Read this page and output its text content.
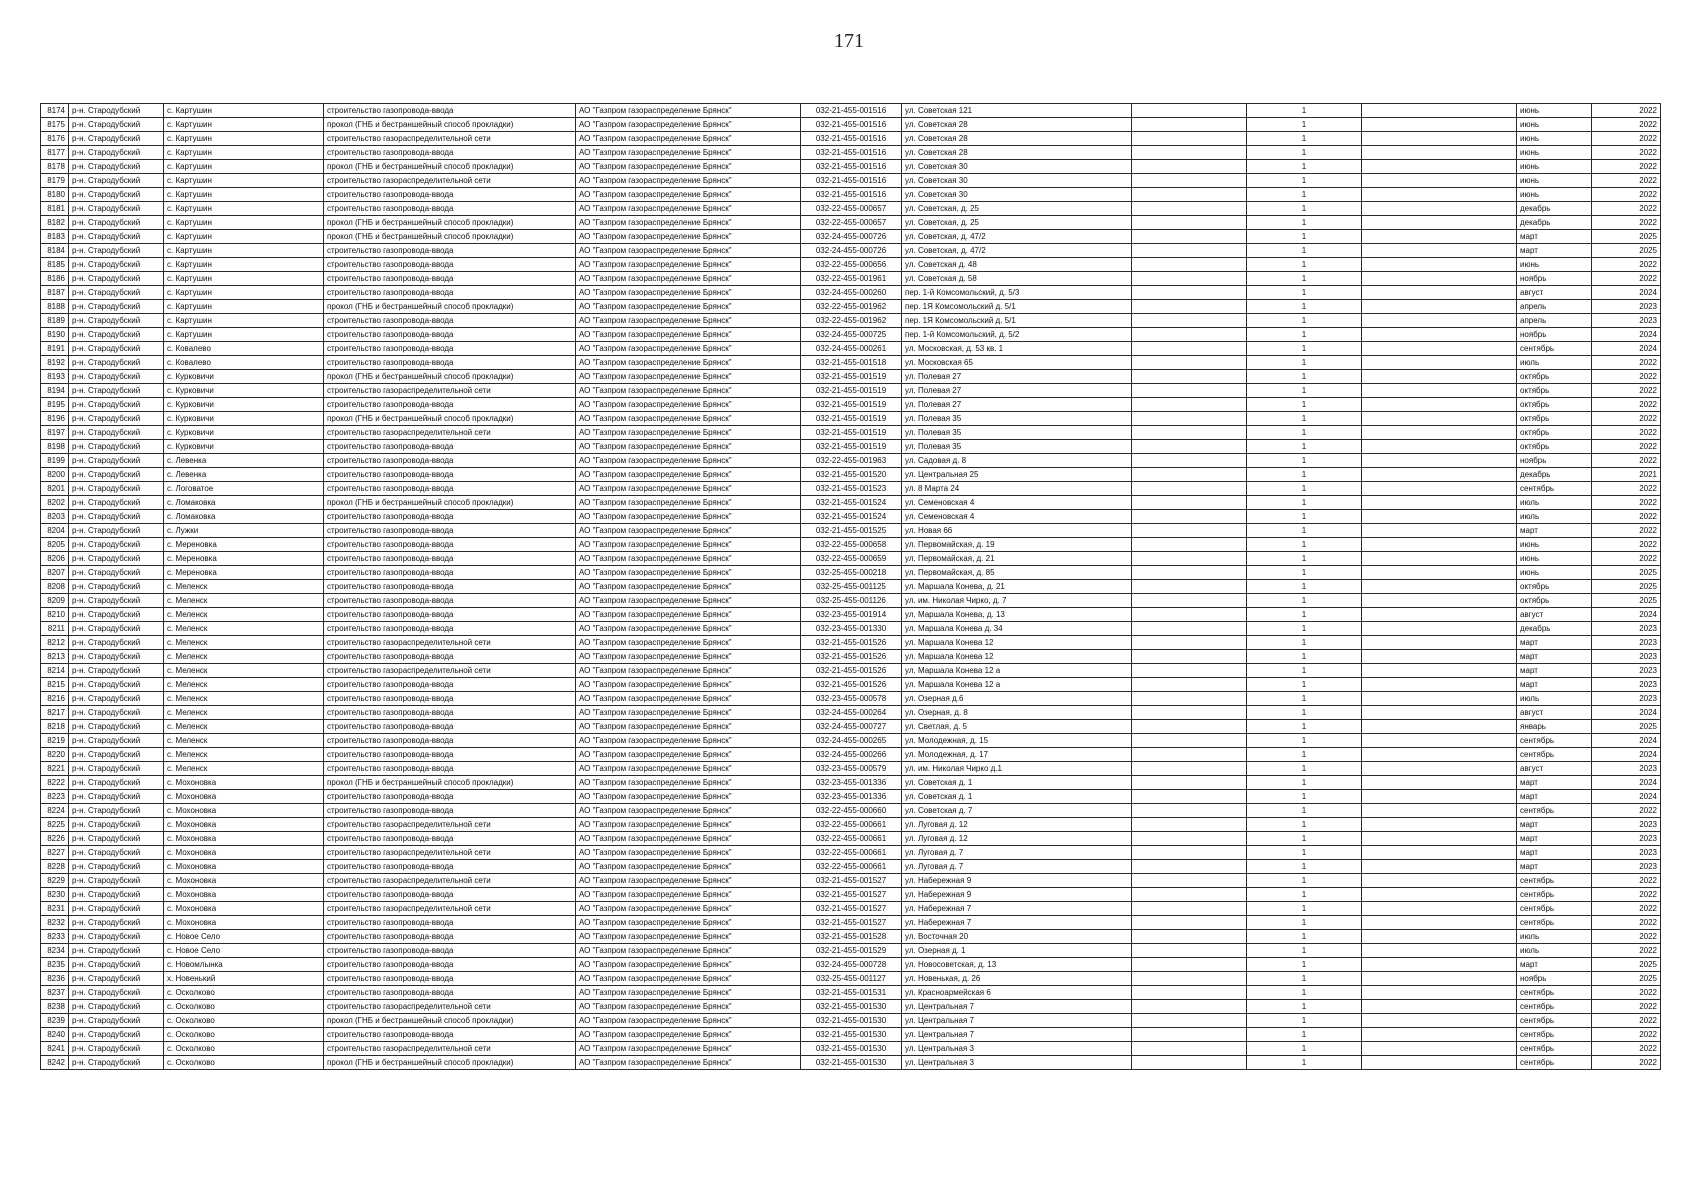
171
8174	р-н. Стародубский	с. Картушин	строительство газопровода-ввода	АО "Газпром газораспределение Брянск"	032-21-455-001516	ул. Советская 121		1		июнь	2022
8175	р-н. Стародубский	с. Картушин	прокол (ГНБ и бестраншейный способ прокладки)	АО "Газпром газораспределение Брянск"	032-21-455-001516	ул. Советская 28		1		июнь	2022
8176	р-н. Стародубский	с. Картушин	строительство газораспределительной сети	АО "Газпром газораспределение Брянск"	032-21-455-001516	ул. Советская 28		1		июнь	2022
8177	р-н. Стародубский	с. Картушин	строительство газопровода-ввода	АО "Газпром газораспределение Брянск"	032-21-455-001516	ул. Советская 28		1		июнь	2022
8178	р-н. Стародубский	с. Картушин	прокол (ГНБ и бестраншейный способ прокладки)	АО "Газпром газораспределение Брянск"	032-21-455-001516	ул. Советская 30		1		июнь	2022
8179	р-н. Стародубский	с. Картушин	строительство газораспределительной сети	АО "Газпром газораспределение Брянск"	032-21-455-001516	ул. Советская 30		1		июнь	2022
8180	р-н. Стародубский	с. Картушин	строительство газопровода-ввода	АО "Газпром газораспределение Брянск"	032-21-455-001516	ул. Советская 30		1		июнь	2022
8181	р-н. Стародубский	с. Картушин	строительство газопровода-ввода	АО "Газпром газораспределение Брянск"	032-22-455-000657	ул. Советская, д. 25		1		декабрь	2022
8182	р-н. Стародубский	с. Картушин	прокол (ГНБ и бестраншейный способ прокладки)	АО "Газпром газораспределение Брянск"	032-22-455-000657	ул. Советская, д. 25		1		декабрь	2022
8183	р-н. Стародубский	с. Картушин	прокол (ГНБ и бестраншейный способ прокладки)	АО "Газпром газораспределение Брянск"	032-24-455-000726	ул. Советская, д. 47/2		1		март	2025
8184	р-н. Стародубский	с. Картушин	строительство газопровода-ввода	АО "Газпром газораспределение Брянск"	032-24-455-000726	ул. Советская, д. 47/2		1		март	2025
8185	р-н. Стародубский	с. Картушин	строительство газопровода-ввода	АО "Газпром газораспределение Брянск"	032-22-455-000656	ул. Советская д. 48		1		июнь	2022
8186	р-н. Стародубский	с. Картушин	строительство газопровода-ввода	АО "Газпром газораспределение Брянск"	032-22-455-001961	ул. Советская д. 58		1		ноябрь	2022
8187	р-н. Стародубский	с. Картушин	строительство газопровода-ввода	АО "Газпром газораспределение Брянск"	032-24-455-000260	пер. 1-й Комсомольский, д. 5/3		1		август	2024
8188	р-н. Стародубский	с. Картушин	прокол (ГНБ и бестраншейный способ прокладки)	АО "Газпром газораспределение Брянск"	032-22-455-001962	пер. 1Я Комсомольский д. 5/1		1		апрель	2023
8189	р-н. Стародубский	с. Картушин	строительство газопровода-ввода	АО "Газпром газораспределение Брянск"	032-22-455-001962	пер. 1Я Комсомольский д. 5/1		1		апрель	2023
8190	р-н. Стародубский	с. Картушин	строительство газопровода-ввода	АО "Газпром газораспределение Брянск"	032-24-455-000725	пер. 1-й Комсомольский, д. 5/2		1		ноябрь	2024
8191	р-н. Стародубский	с. Ковалево	строительство газопровода-ввода	АО "Газпром газораспределение Брянск"	032-24-455-000261	ул. Московская, д. 53 кв. 1		1		сентябрь	2024
8192	р-н. Стародубский	с. Ковалево	строительство газопровода-ввода	АО "Газпром газораспределение Брянск"	032-21-455-001518	ул. Московская 65		1		июль	2022
8193	р-н. Стародубский	с. Курковичи	прокол (ГНБ и бестраншейный способ прокладки)	АО "Газпром газораспределение Брянск"	032-21-455-001519	ул. Полевая 27		1		октябрь	2022
8194	р-н. Стародубский	с. Курковичи	строительство газораспределительной сети	АО "Газпром газораспределение Брянск"	032-21-455-001519	ул. Полевая 27		1		октябрь	2022
8195	р-н. Стародубский	с. Курковичи	строительство газопровода-ввода	АО "Газпром газораспределение Брянск"	032-21-455-001519	ул. Полевая 27		1		октябрь	2022
8196	р-н. Стародубский	с. Курковичи	прокол (ГНБ и бестраншейный способ прокладки)	АО "Газпром газораспределение Брянск"	032-21-455-001519	ул. Полевая 35		1		октябрь	2022
8197	р-н. Стародубский	с. Курковичи	строительство газораспределительной сети	АО "Газпром газораспределение Брянск"	032-21-455-001519	ул. Полевая 35		1		октябрь	2022
8198	р-н. Стародубский	с. Курковичи	строительство газопровода-ввода	АО "Газпром газораспределение Брянск"	032-21-455-001519	ул. Полевая 35		1		октябрь	2022
8199	р-н. Стародубский	с. Левенка	строительство газопровода-ввода	АО "Газпром газораспределение Брянск"	032-22-455-001963	ул. Садовая д. 8		1		ноябрь	2022
8200	р-н. Стародубский	с. Левенка	строительство газопровода-ввода	АО "Газпром газораспределение Брянск"	032-21-455-001520	ул. Центральная 25		1		декабрь	2021
8201	р-н. Стародубский	с. Логоватое	строительство газопровода-ввода	АО "Газпром газораспределение Брянск"	032-21-455-001523	ул. 8 Марта 24		1		сентябрь	2022
8202	р-н. Стародубский	с. Ломаковка	прокол (ГНБ и бестраншейный способ прокладки)	АО "Газпром газораспределение Брянск"	032-21-455-001524	ул. Семеновская 4		1		июль	2022
8203	р-н. Стародубский	с. Ломаковка	строительство газопровода-ввода	АО "Газпром газораспределение Брянск"	032-21-455-001524	ул. Семеновская 4		1		июль	2022
8204	р-н. Стародубский	с. Лужки	строительство газопровода-ввода	АО "Газпром газораспределение Брянск"	032-21-455-001525	ул. Новая 66		1		март	2022
8205	р-н. Стародубский	с. Мереновка	строительство газопровода-ввода	АО "Газпром газораспределение Брянск"	032-22-455-000658	ул. Первомайская, д. 19		1		июнь	2022
8206	р-н. Стародубский	с. Мереновка	строительство газопровода-ввода	АО "Газпром газораспределение Брянск"	032-22-455-000659	ул. Первомайская, д. 21		1		июнь	2022
8207	р-н. Стародубский	с. Мереновка	строительство газопровода-ввода	АО "Газпром газораспределение Брянск"	032-25-455-000218	ул. Первомайская, д. 85		1		июнь	2025
8208	р-н. Стародубский	с. Меленск	строительство газопровода-ввода	АО "Газпром газораспределение Брянск"	032-25-455-001125	ул. Маршала Конева, д. 21		1		октябрь	2025
8209	р-н. Стародубский	с. Меленск	строительство газопровода-ввода	АО "Газпром газораспределение Брянск"	032-25-455-001126	ул. им. Николая Чирко, д. 7		1		октябрь	2025
8210	р-н. Стародубский	с. Меленск	строительство газопровода-ввода	АО "Газпром газораспределение Брянск"	032-23-455-001914	ул. Маршала Конева, д. 13		1		август	2024
8211	р-н. Стародубский	с. Меленск	строительство газопровода-ввода	АО "Газпром газораспределение Брянск"	032-23-455-001330	ул. Маршала Конева д. 34		1		декабрь	2023
8212	р-н. Стародубский	с. Меленск	строительство газораспределительной сети	АО "Газпром газораспределение Брянск"	032-21-455-001526	ул. Маршала Конева 12		1		март	2023
8213	р-н. Стародубский	с. Меленск	строительство газопровода-ввода	АО "Газпром газораспределение Брянск"	032-21-455-001526	ул. Маршала Конева 12		1		март	2023
8214	р-н. Стародубский	с. Меленск	строительство газораспределительной сети	АО "Газпром газораспределение Брянск"	032-21-455-001526	ул. Маршала Конева 12 а		1		март	2023
8215	р-н. Стародубский	с. Меленск	строительство газопровода-ввода	АО "Газпром газораспределение Брянск"	032-21-455-001526	ул. Маршала Конева 12 а		1		март	2023
8216	р-н. Стародубский	с. Меленск	строительство газопровода-ввода	АО "Газпром газораспределение Брянск"	032-23-455-000578	ул. Озерная д.6		1		июль	2023
8217	р-н. Стародубский	с. Меленск	строительство газопровода-ввода	АО "Газпром газораспределение Брянск"	032-24-455-000264	ул. Озерная, д. 8		1		август	2024
8218	р-н. Стародубский	с. Меленск	строительство газопровода-ввода	АО "Газпром газораспределение Брянск"	032-24-455-000727	ул. Светлая, д. 5		1		январь	2025
8219	р-н. Стародубский	с. Меленск	строительство газопровода-ввода	АО "Газпром газораспределение Брянск"	032-24-455-000265	ул. Молодежная, д. 15		1		сентябрь	2024
8220	р-н. Стародубский	с. Меленск	строительство газопровода-ввода	АО "Газпром газораспределение Брянск"	032-24-455-000266	ул. Молодежная, д. 17		1		сентябрь	2024
8221	р-н. Стародубский	с. Меленск	строительство газопровода-ввода	АО "Газпром газораспределение Брянск"	032-23-455-000579	ул. им. Николая Чирко д.1		1		август	2023
8222	р-н. Стародубский	с. Мохоновка	прокол (ГНБ и бестраншейный способ прокладки)	АО "Газпром газораспределение Брянск"	032-23-455-001336	ул. Советская д. 1		1		март	2024
8223	р-н. Стародубский	с. Мохоновка	строительство газопровода-ввода	АО "Газпром газораспределение Брянск"	032-23-455-001336	ул. Советская д. 1		1		март	2024
8224	р-н. Стародубский	с. Мохоновка	строительство газопровода-ввода	АО "Газпром газораспределение Брянск"	032-22-455-000660	ул. Советская д. 7		1		сентябрь	2022
8225	р-н. Стародубский	с. Мохоновка	строительство газораспределительной сети	АО "Газпром газораспределение Брянск"	032-22-455-000661	ул. Луговая д. 12		1		март	2023
8226	р-н. Стародубский	с. Мохоновка	строительство газопровода-ввода	АО "Газпром газораспределение Брянск"	032-22-455-000661	ул. Луговая д. 12		1		март	2023
8227	р-н. Стародубский	с. Мохоновка	строительство газораспределительной сети	АО "Газпром газораспределение Брянск"	032-22-455-000661	ул. Луговая д. 7		1		март	2023
8228	р-н. Стародубский	с. Мохоновка	строительство газопровода-ввода	АО "Газпром газораспределение Брянск"	032-22-455-000661	ул. Луговая д. 7		1		март	2023
8229	р-н. Стародубский	с. Мохоновка	строительство газораспределительной сети	АО "Газпром газораспределение Брянск"	032-21-455-001527	ул. Набережная 9		1		сентябрь	2022
8230	р-н. Стародубский	с. Мохоновка	строительство газопровода-ввода	АО "Газпром газораспределение Брянск"	032-21-455-001527	ул. Набережная 9		1		сентябрь	2022
8231	р-н. Стародубский	с. Мохоновка	строительство газораспределительной сети	АО "Газпром газораспределение Брянск"	032-21-455-001527	ул. Набережная 7		1		сентябрь	2022
8232	р-н. Стародубский	с. Мохоновка	строительство газопровода-ввода	АО "Газпром газораспределение Брянск"	032-21-455-001527	ул. Набережная 7		1		сентябрь	2022
8233	р-н. Стародубский	с. Новое Село	строительство газопровода-ввода	АО "Газпром газораспределение Брянск"	032-21-455-001528	ул. Восточная 20		1		июль	2022
8234	р-н. Стародубский	с. Новое Село	строительство газопровода-ввода	АО "Газпром газораспределение Брянск"	032-21-455-001529	ул. Озерная д. 1		1		июль	2022
8235	р-н. Стародубский	с. Новомлынка	строительство газопровода-ввода	АО "Газпром газораспределение Брянск"	032-24-455-000728	ул. Новосоветская, д. 13		1		март	2025
8236	р-н. Стародубский	х. Новенький	строительство газопровода-ввода	АО "Газпром газораспределение Брянск"	032-25-455-001127	ул. Новенькая, д. 26		1		ноябрь	2025
8237	р-н. Стародубский	с. Осколково	строительство газопровода-ввода	АО "Газпром газораспределение Брянск"	032-21-455-001531	ул. Красноармейская 6		1		сентябрь	2022
8238	р-н. Стародубский	с. Осколково	строительство газораспределительной сети	АО "Газпром газораспределение Брянск"	032-21-455-001530	ул. Центральная 7		1		сентябрь	2022
8239	р-н. Стародубский	с. Осколково	прокол (ГНБ и бестраншейный способ прокладки)	АО "Газпром газораспределение Брянск"	032-21-455-001530	ул. Центральная 7		1		сентябрь	2022
8240	р-н. Стародубский	с. Осколково	строительство газопровода-ввода	АО "Газпром газораспределение Брянск"	032-21-455-001530	ул. Центральная 7		1		сентябрь	2022
8241	р-н. Стародубский	с. Осколково	строительство газораспределительной сети	АО "Газпром газораспределение Брянск"	032-21-455-001530	ул. Центральная 3		1		сентябрь	2022
8242	р-н. Стародубский	с. Осколково	прокол (ГНБ и бестраншейный способ прокладки)	АО "Газпром газораспределение Брянск"	032-21-455-001530	ул. Центральная 3		1		сентябрь	2022
